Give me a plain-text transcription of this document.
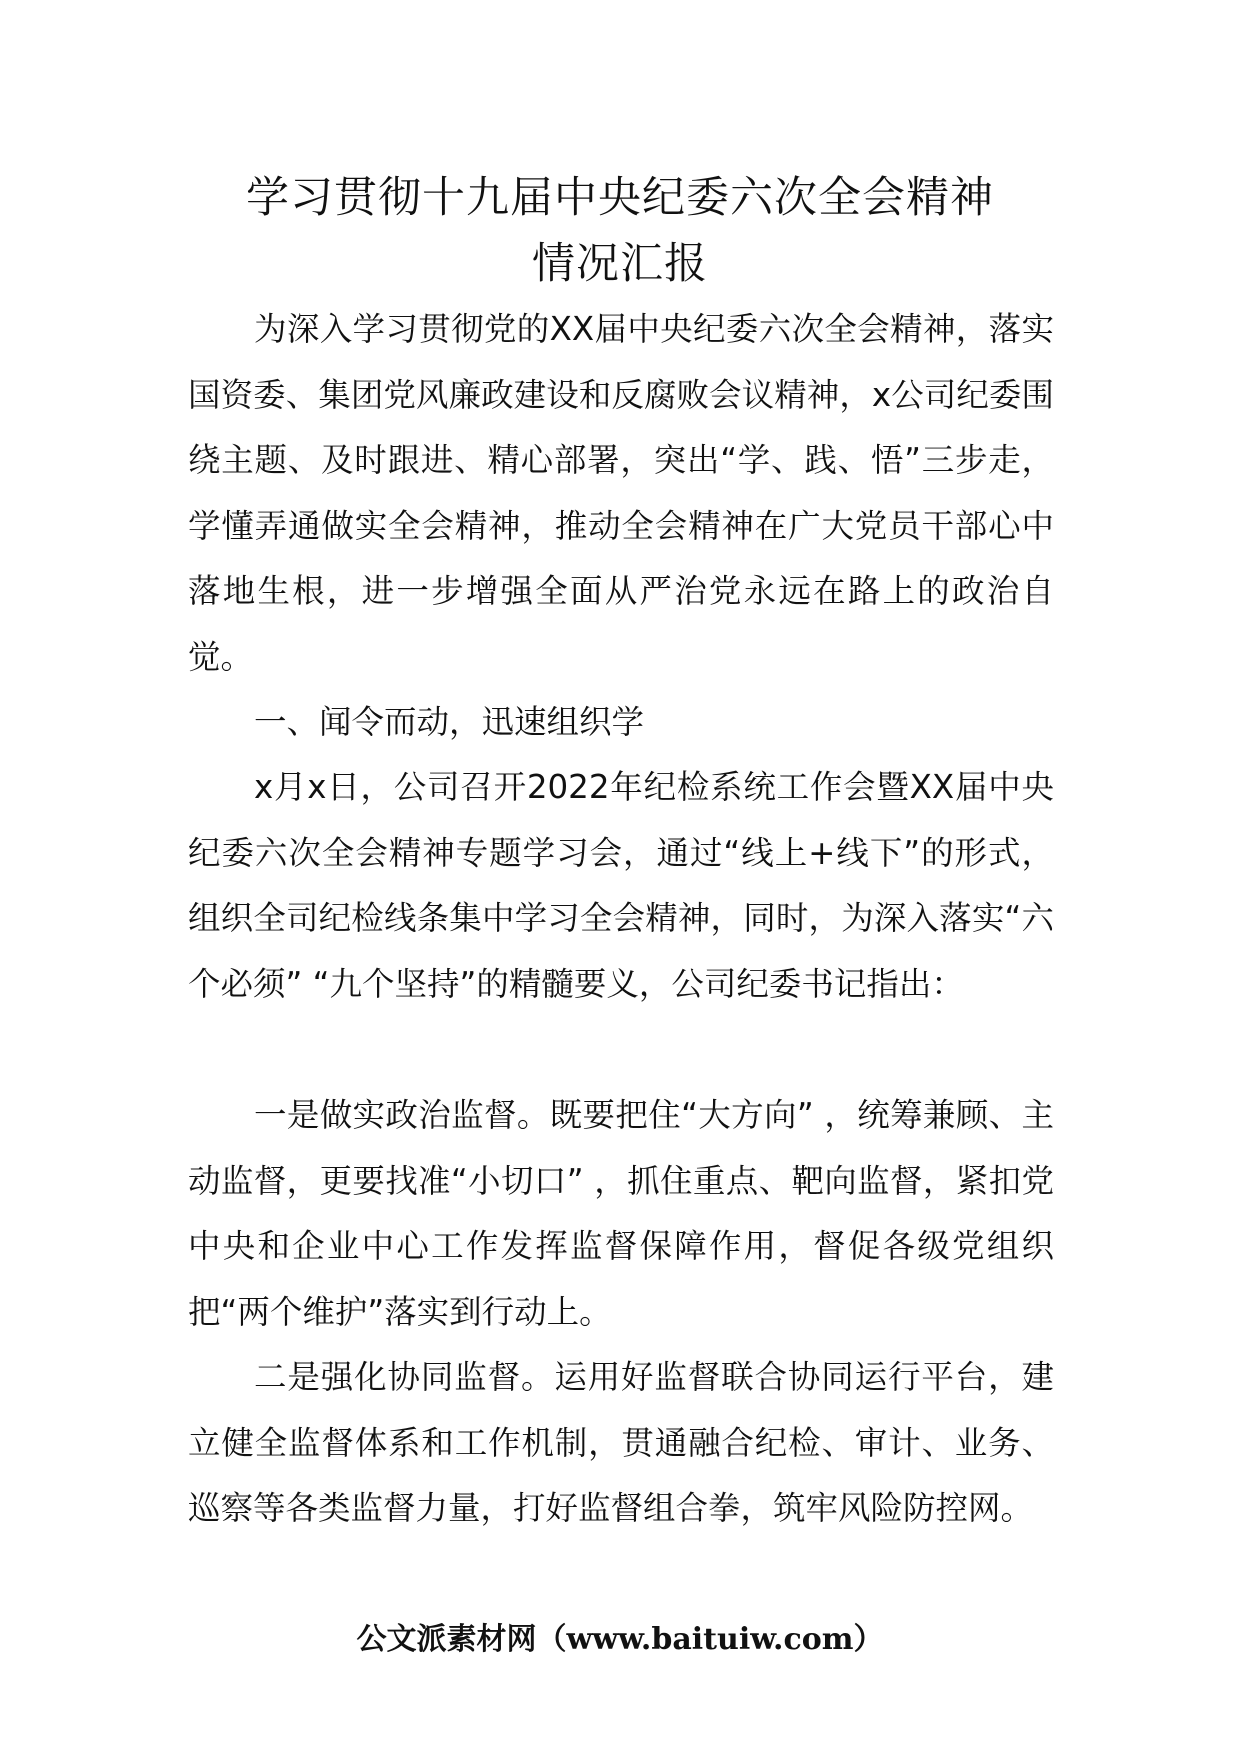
学习贯彻十九届中央纪委六次全会精神
情况汇报

为深入学习贯彻党的XX届中央纪委六次全会精神，落实国资委、集团党风廉政建设和反腐败会议精神，x公司纪委围绕主题、及时跟进、精心部署，突出“学、践、悟”三步走，学懂弄通做实全会精神，推动全会精神在广大党员干部心中落地生根，进一步增强全面从严治党永远在路上的政治自觉。

一、闻令而动，迅速组织学

x月x日，公司召开2022年纪检系统工作会暨XX届中央纪委六次全会精神专题学习会，通过“线上+线下”的形式，组织全司纪检线条集中学习全会精神，同时，为深入落实“六个必须” “九个坚持”的精髓要义，公司纪委书记指出：

一是做实政治监督。既要把住“大方向” ，统筹兼顾、主动监督，更要找准“小切口” ，抓住重点、靶向监督，紧扣党中央和企业中心工作发挥监督保障作用，督促各级党组织把“两个维护”落实到行动上。

二是强化协同监督。运用好监督联合协同运行平台，建立健全监督体系和工作机制，贯通融合纪检、审计、业务、巡察等各类监督力量，打好监督组合拳，筑牢风险防控网。

公文派素材网（www.baituiw.com）
